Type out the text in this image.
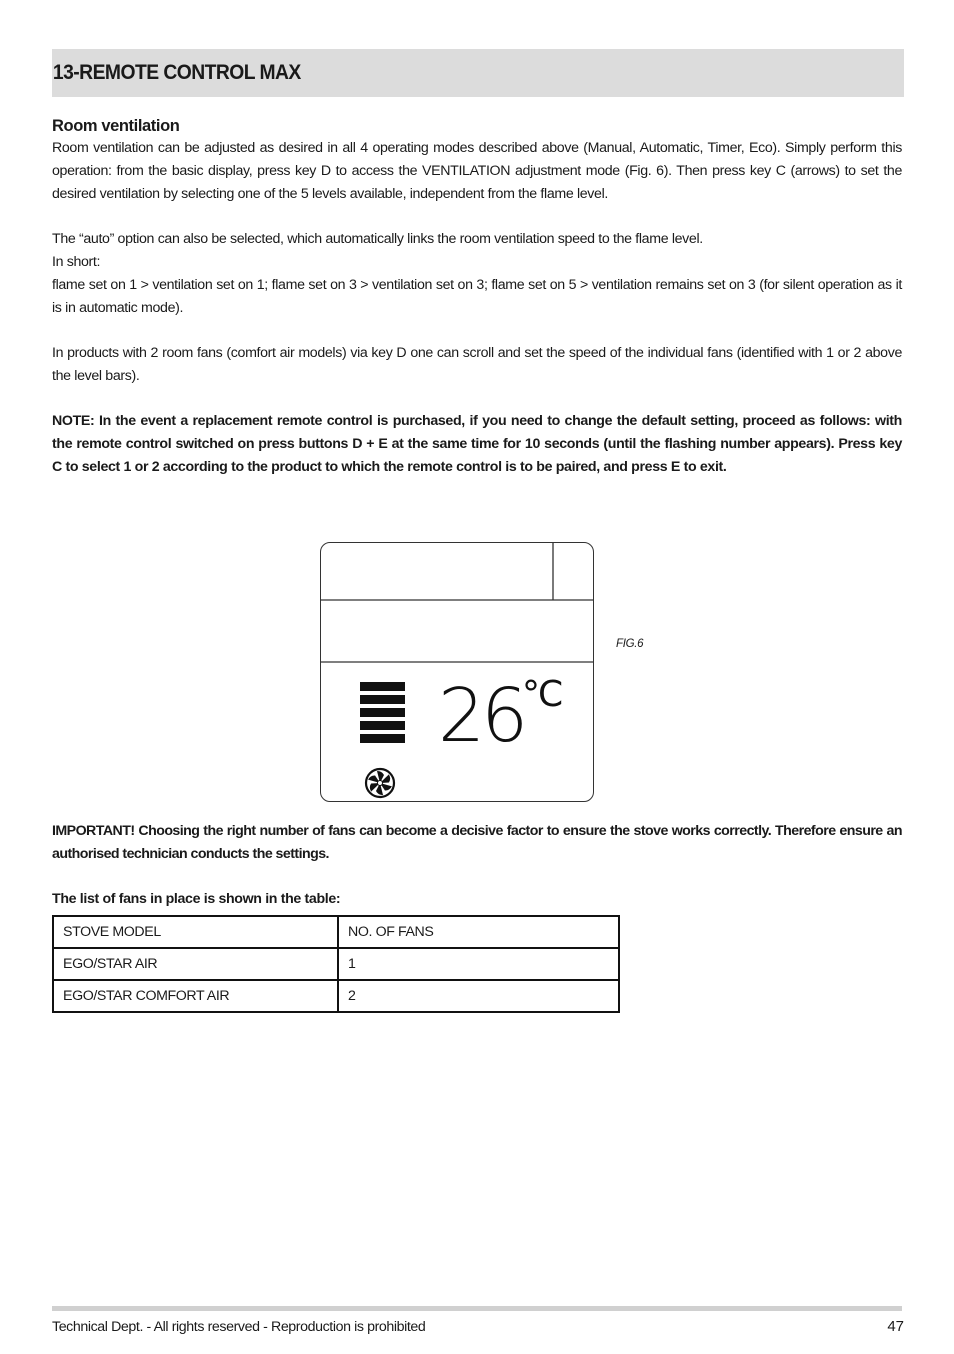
13-REMOTE CONTROL MAX
Room ventilation

Room ventilation can be adjusted as desired in all 4 operating modes described above (Manual, Automatic, Timer, Eco). Simply perform this operation: from the basic display, press key D to access the VENTILATION adjustment mode (Fig. 6). Then press key C (arrows) to set the desired ventilation by selecting one of the 5 levels available, independent from the flame level.

The “auto” option can also be selected, which automatically links the room ventilation speed to the flame level.
In short:
flame set on 1 > ventilation set on 1; flame set on 3 > ventilation set on 3; flame set on 5 > ventilation remains set on 3 (for silent operation as it is in automatic mode).

In products with 2 room fans (comfort air models) via key D one can scroll and set the speed of the individual fans (identified with 1 or 2 above the level bars).

NOTE: In the event a replacement remote control is purchased, if you need to change the default setting, proceed as follows: with the remote control switched on press buttons D + E at the same time for 10 seconds (until the flashing number appears). Press key C to select 1 or 2 according to the product to which the remote control is to be paired, and press E to exit.

26
°C
FIG.6

IMPORTANT! Choosing the right number of fans can become a decisive factor to ensure the stove works correctly. Therefore ensure an authorised technician conducts the settings.

The list of fans in place is shown in the table:

STOVE MODEL	NO. OF FANS
EGO/STAR AIR	1
EGO/STAR COMFORT AIR	2
Technical Dept. - All rights reserved - Reproduction is prohibited	47
